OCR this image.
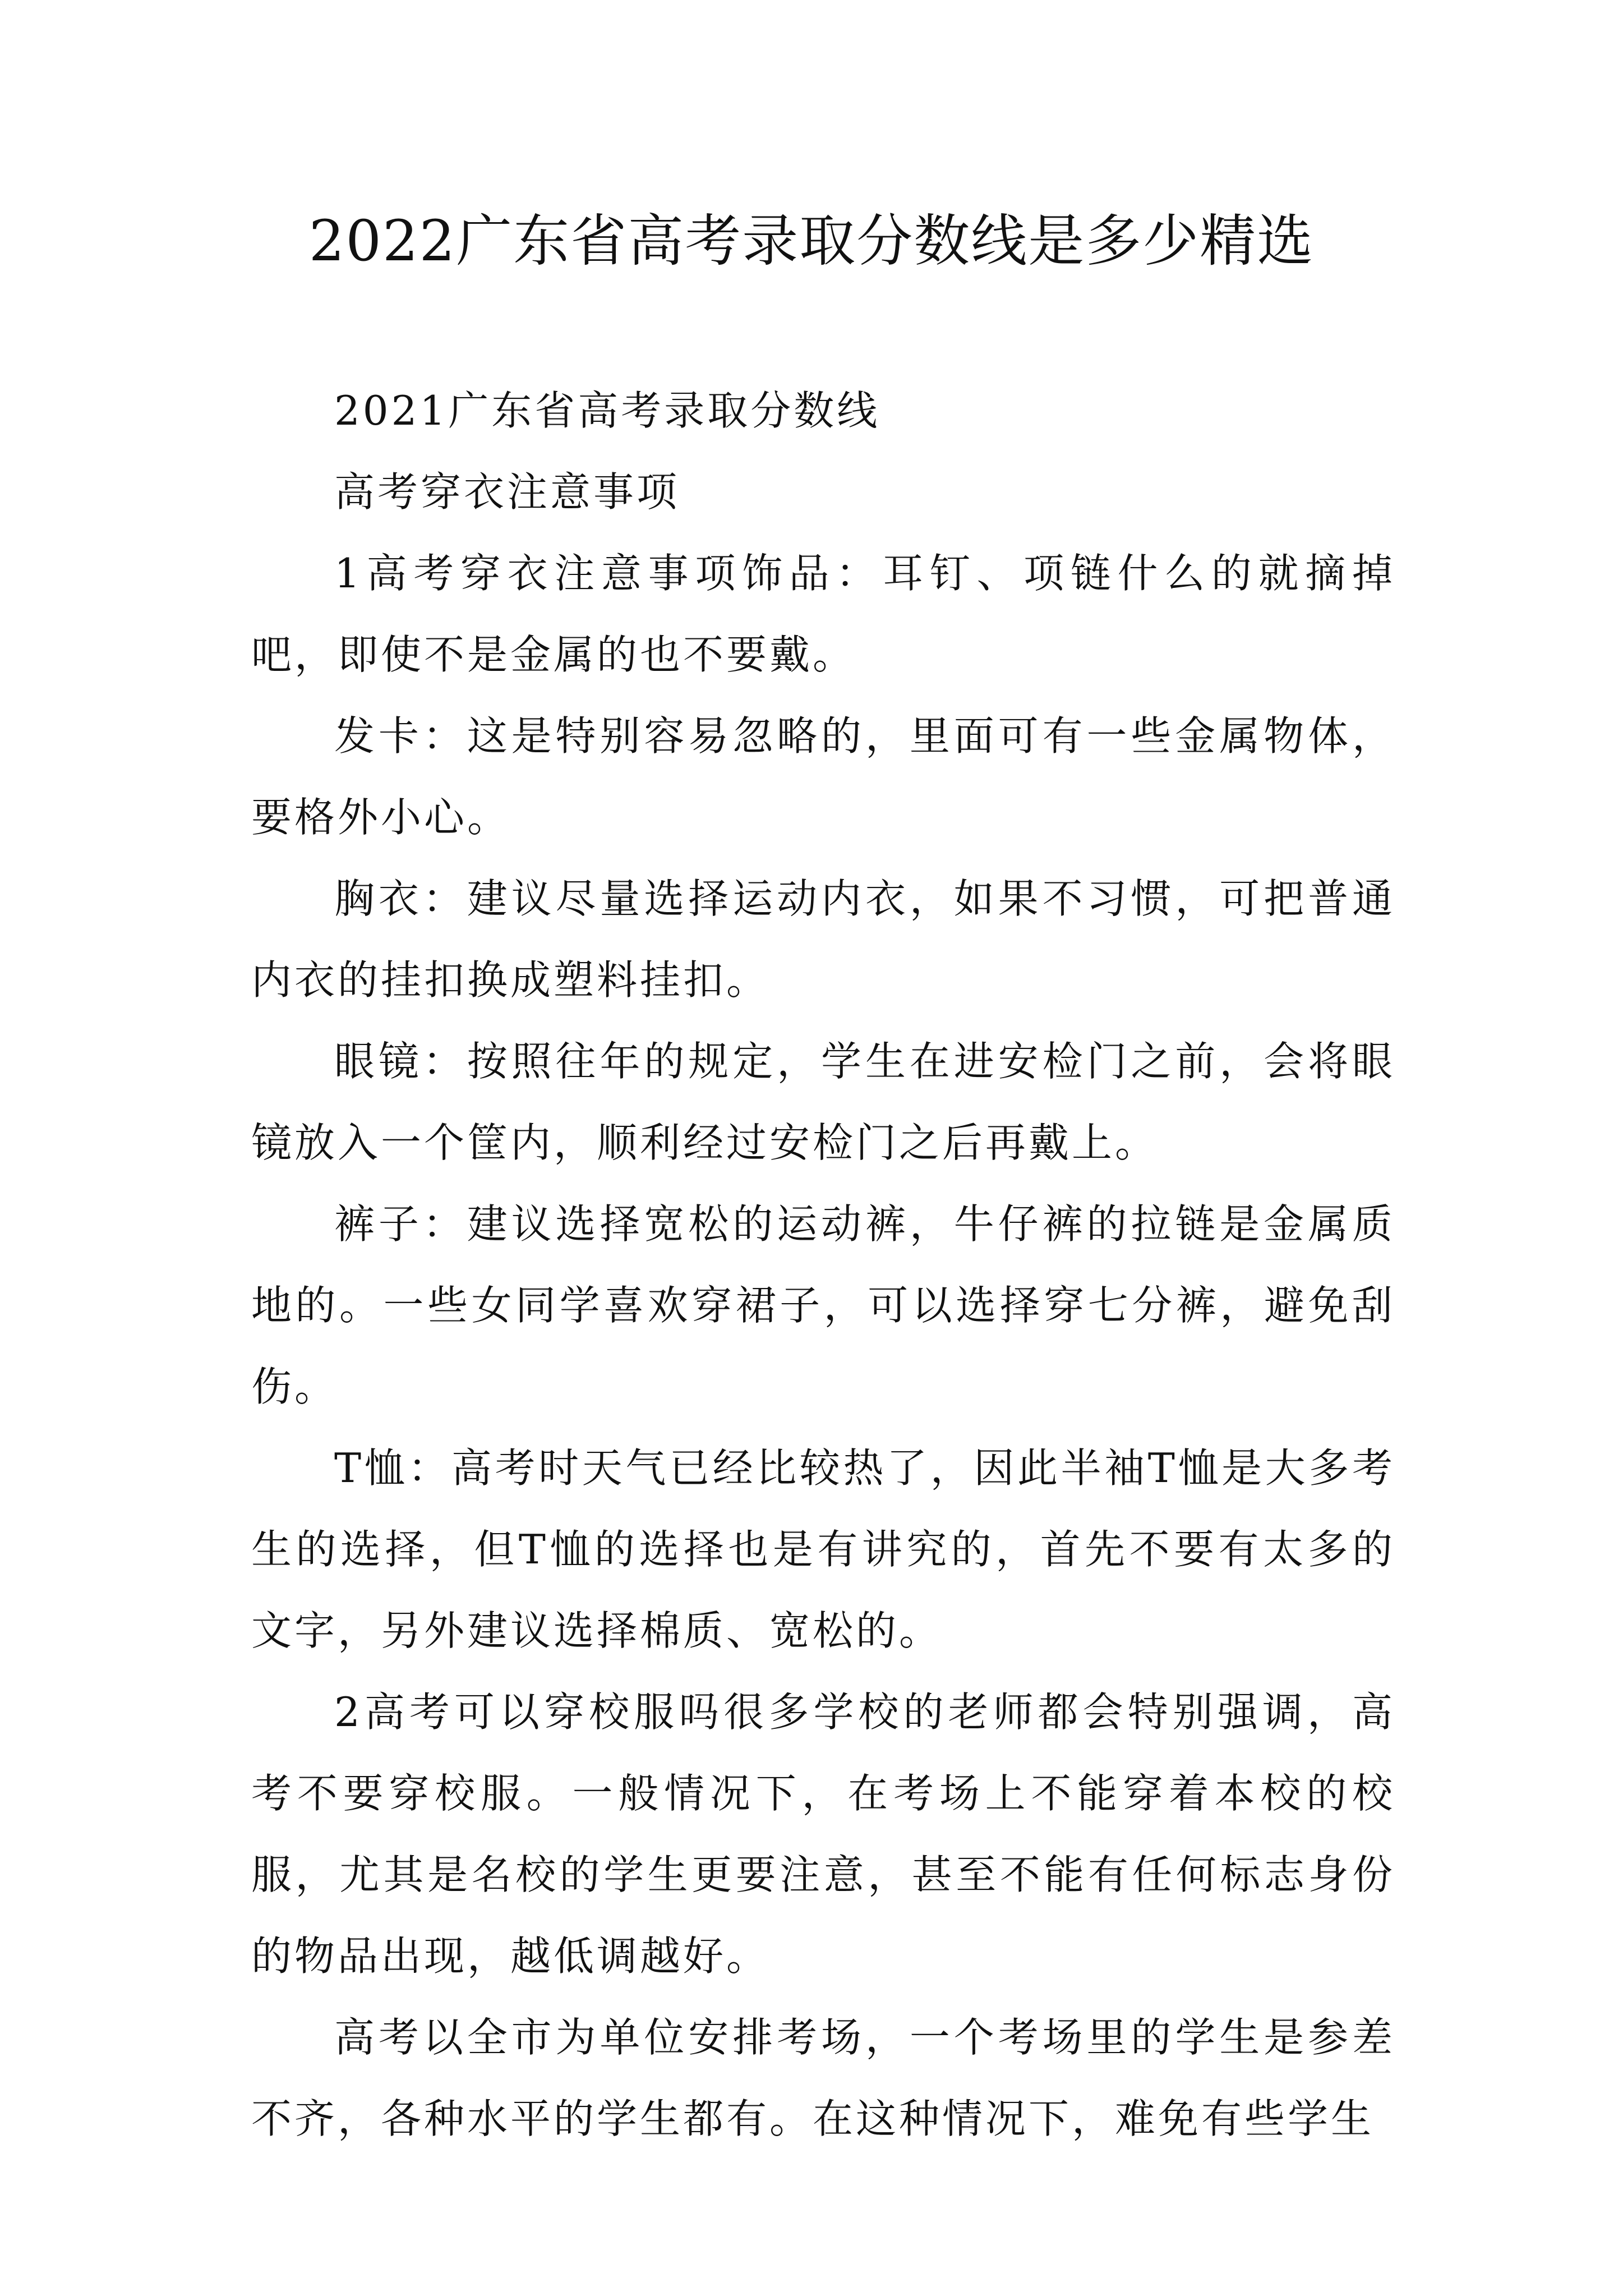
2022广东省高考录取分数线是多少精选

2021广东省高考录取分数线

高考穿衣注意事项

1高考穿衣注意事项饰品：耳钉、项链什么的就摘掉吧，即使不是金属的也不要戴。

发卡：这是特别容易忽略的，里面可有一些金属物体，要格外小心。

胸衣：建议尽量选择运动内衣，如果不习惯，可把普通内衣的挂扣换成塑料挂扣。

眼镜：按照往年的规定，学生在进安检门之前，会将眼镜放入一个筐内，顺利经过安检门之后再戴上。

裤子：建议选择宽松的运动裤，牛仔裤的拉链是金属质地的。一些女同学喜欢穿裙子，可以选择穿七分裤，避免刮伤。

T恤：高考时天气已经比较热了，因此半袖T恤是大多考生的选择，但T恤的选择也是有讲究的，首先不要有太多的文字，另外建议选择棉质、宽松的。

2高考可以穿校服吗很多学校的老师都会特别强调，高考不要穿校服。一般情况下，在考场上不能穿着本校的校服，尤其是名校的学生更要注意，甚至不能有任何标志身份的物品出现，越低调越好。

高考以全市为单位安排考场，一个考场里的学生是参差不齐，各种水平的学生都有。在这种情况下，难免有些学生
